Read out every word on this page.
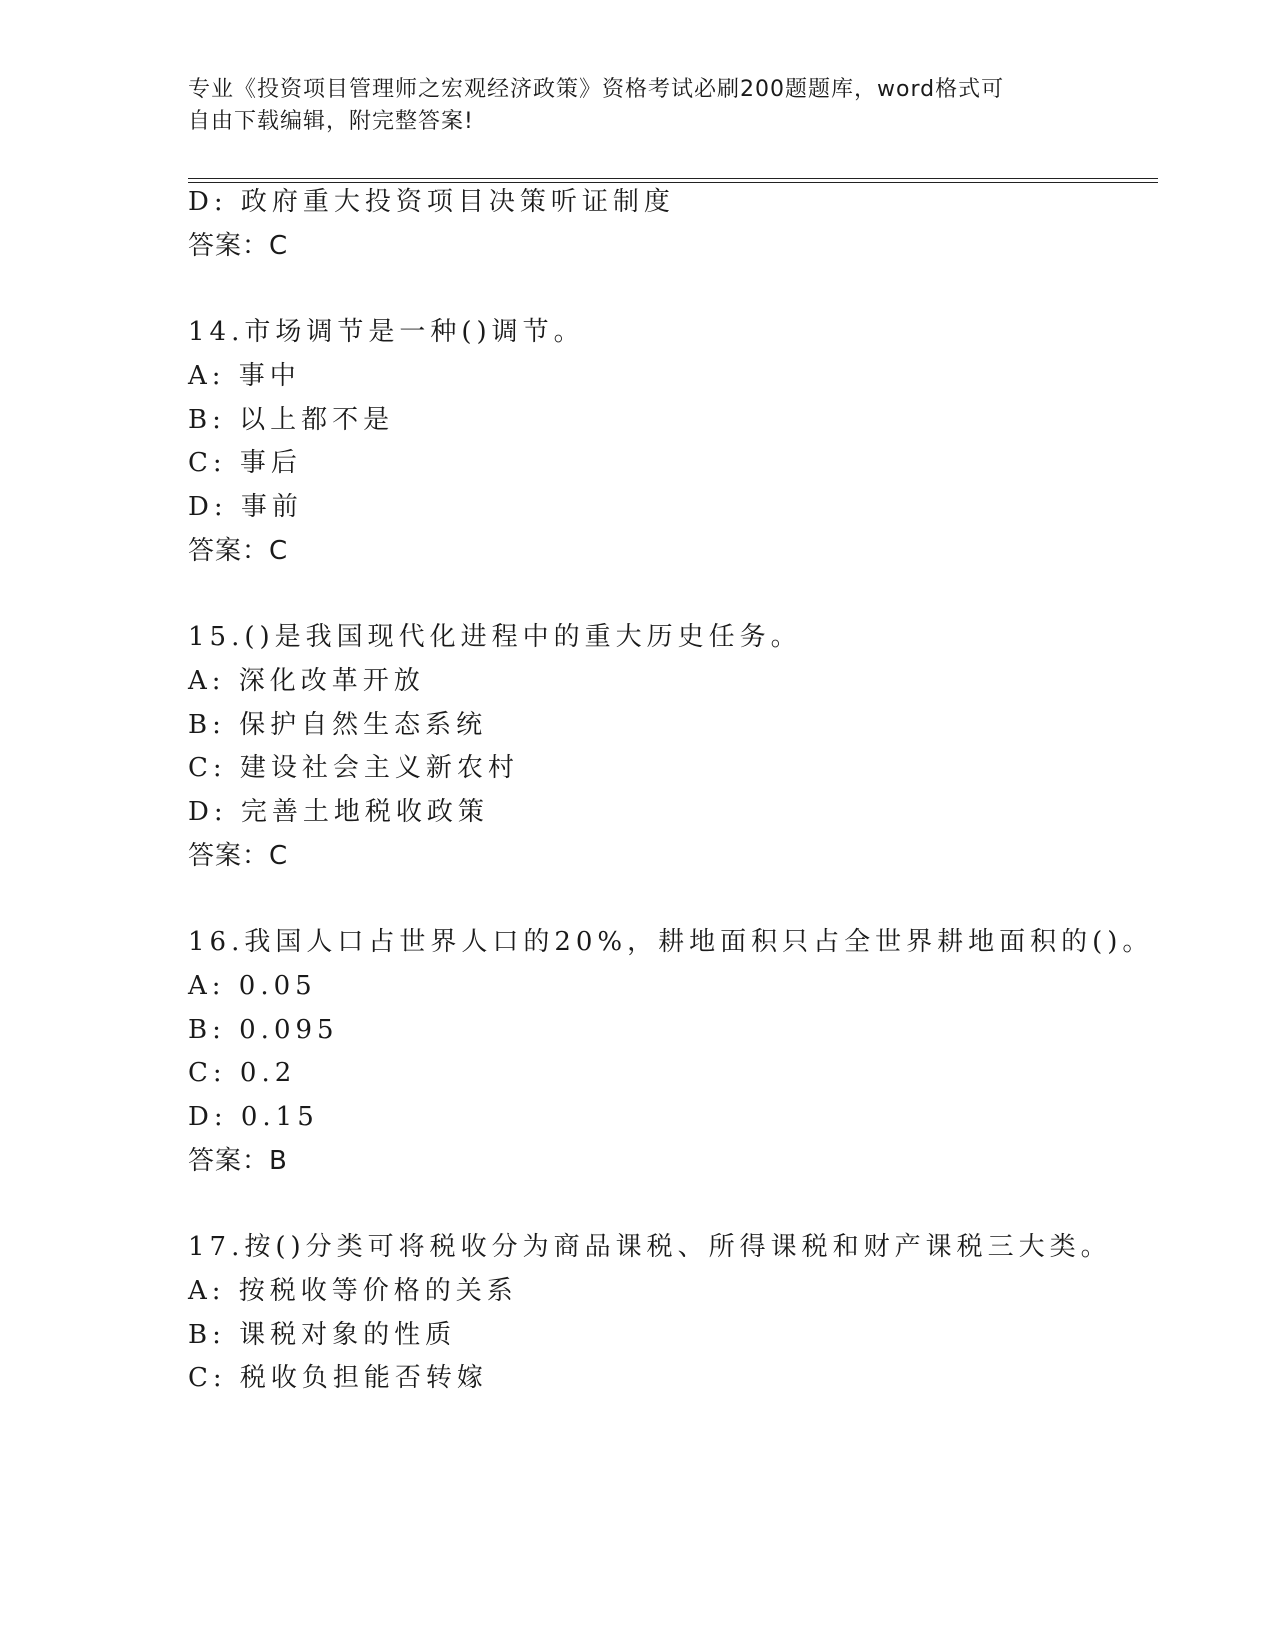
专业《投资项目管理师之宏观经济政策》资格考试必刷200题题库，word格式可
自由下载编辑，附完整答案!
D: 政府重大投资项目决策听证制度
答案：C
14.市场调节是一种()调节。
A: 事中
B: 以上都不是
C: 事后
D: 事前
答案：C
15.()是我国现代化进程中的重大历史任务。
A: 深化改革开放
B: 保护自然生态系统
C: 建设社会主义新农村
D: 完善土地税收政策
答案：C
16.我国人口占世界人口的20%，耕地面积只占全世界耕地面积的()。
A: 0.05
B: 0.095
C: 0.2
D: 0.15
答案：B
17.按()分类可将税收分为商品课税、所得课税和财产课税三大类。
A: 按税收等价格的关系
B: 课税对象的性质
C: 税收负担能否转嫁
